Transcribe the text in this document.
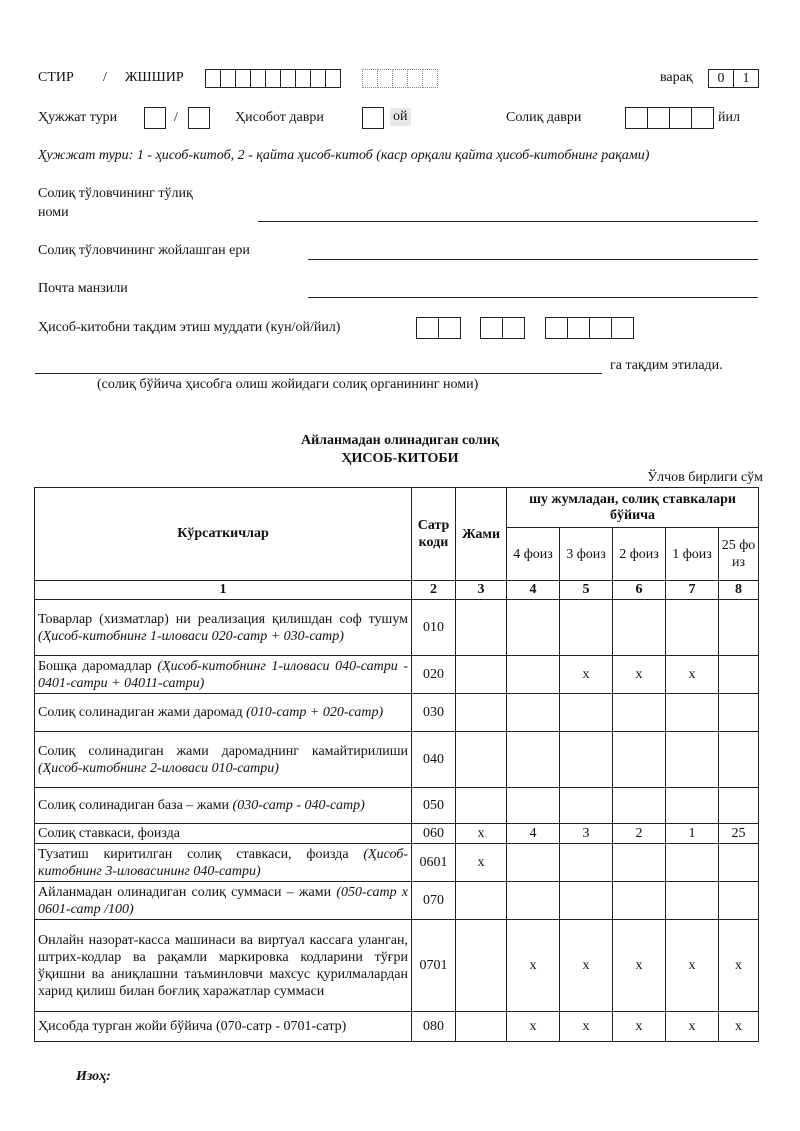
СТИР / ЖШШИР	варақ	0	1
Ҳужжат тури	/	Ҳисобот даври	ой	Солиқ даври	йил
Ҳужжат тури: 1 - ҳисоб-китоб, 2 - қайта ҳисоб-китоб (каср орқали қайта ҳисоб-китобнинг рақами)
Солиқ тўловчининг тўлиқ
номи
Солиқ тўловчининг жойлашган ери
Почта манзили
Ҳисоб-китобни тақдим этиш муддати (кун/ой/йил)
га тақдим этилади.
(солиқ бўйича ҳисобга олиш жойидаги солиқ органининг номи)
Айланмадан олинадиган солиқ
ҲИСОБ-КИТОБИ
Ўлчов бирлиги сўм
Кўрсаткичлар	Сатр коди	Жами	шу жумладан, солиқ ставкалари бўйича				
			4 фоиз	3 фоиз	2 фоиз	1 фоиз	25 фоиз
1	2	3	4	5	6	7	8
Товарлар (хизматлар) ни реализация қилишдан соф тушум (Ҳисоб-китобнинг 1-иловаси 020-сатр + 030-сатр)	010						
Бошқа даромадлар (Ҳисоб-китобнинг 1-иловаси 040-сатри - 0401-сатри + 04011-сатри)	020			x	x	x	
Солиқ солинадиган жами даромад (010-сатр + 020-сатр)	030						
Солиқ солинадиган жами даромаднинг камайтирилиши (Ҳисоб-китобнинг 2-иловаси 010-сатри)	040						
Солиқ солинадиган база – жами (030-сатр - 040-сатр)	050						
Солиқ ставкаси, фоизда	060	x	4	3	2	1	25
Тузатиш киритилган солиқ ставкаси, фоизда (Ҳисоб-китобнинг 3-иловасининг 040-сатри)	0601	x					
Айланмадан олинадиган солиқ суммаси – жами (050-сатр x 0601-сатр /100)	070						
Онлайн назорат-касса машинаси ва виртуал кассага уланган, штрих-кодлар ва рақамли маркировка кодларини тўғри ўқишни ва аниқлашни таъминловчи махсус қурилмалардан харид қилиш билан боғлиқ харажатлар суммаси	0701		x	x	x	x	x
Ҳисобда турган жойи бўйича (070-сатр - 0701-сатр)	080		x	x	x	x	x
Изоҳ:
